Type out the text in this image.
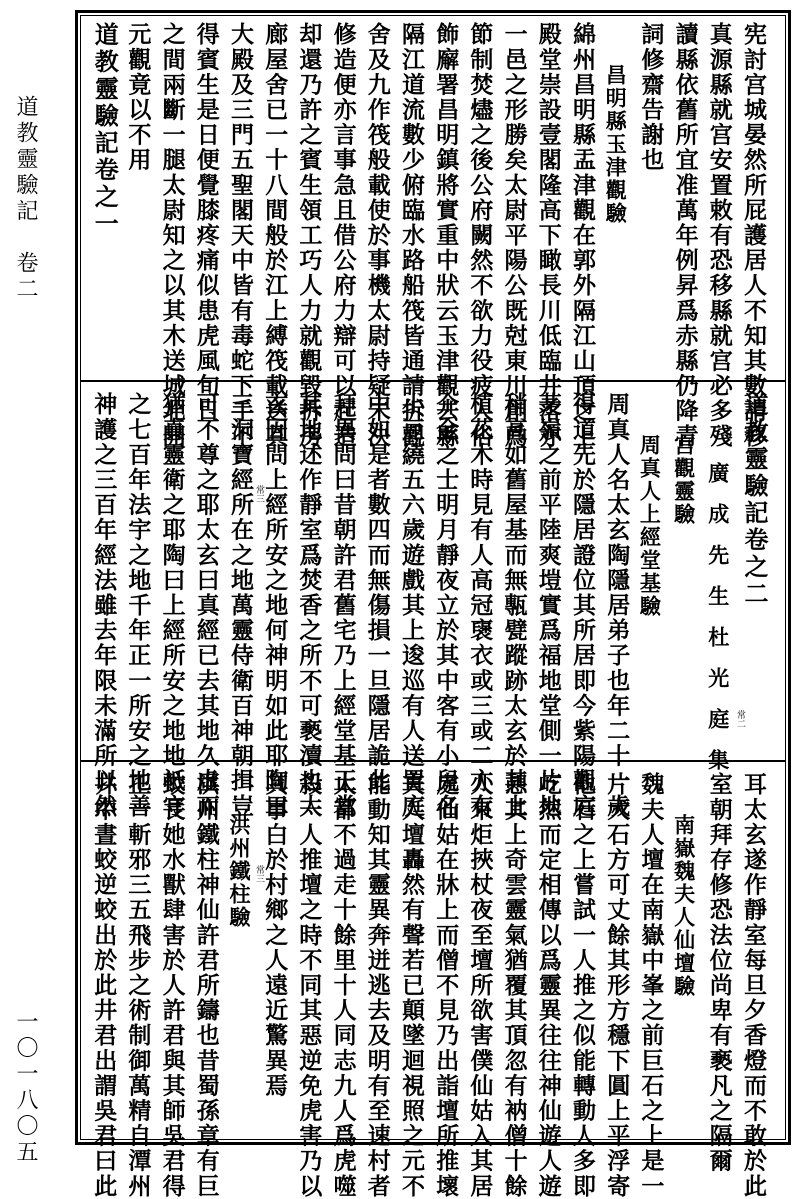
道教靈驗記　卷二
一〇一八〇五
常二
常三
常三
宪討宫城晏然所屁護居人不知其數請移
真源縣就宫安置敕有恐移縣就宫必多殘
讀縣依舊所宜准萬年例昇爲赤縣仍降青
詞修齋告謝也
昌明縣玉津觀驗
綿州昌明縣盂津觀在郭外隔江山頂之上
殿堂崇設壹閣隆高下瞰長川低臨井落亦
一邑之形勝矣太尉平陽公既尅東川創爲
節制焚燼之後公府闕然不欲力役疲人俗
飾廨署昌明鎮將實重中狀云玉津觀去縣
隔江道流數少俯臨水路船筏皆通請拆觀
舍及九作筏般載使於事機太尉持疑未決
修造便亦言事急且借公府力辯可以起造
却還乃許之賓生領工巧人力就觀毀拆房
廊屋舍已一十八間般於江上縛筏載送其
大殿及三門五聖閣天中皆有毒蛇下手不
得賓生是日便覺膝疼痛似患虎風旬日
之間兩斷一腿太尉知之以其木送城北開
元觀竟以不用
道教靈驗記卷之一
道教靈驗記卷之二
廣成先生杜光庭集
宫觀靈驗
周真人上經堂基驗
周真人名太玄陶隱居弟子也年二十一歲
得道先於隱居證位其所居即今紫陽觀庭
茅嶺之前平陸爽塏實爲福地堂側一片地
稍高如舊屋基而無甎甓蹤跡太玄於其上
植花木時見有人高冠襃衣或三或二亦有
介金之士明月靜夜立於其中客有小兒名
小豆繞五六歲遊戲其上逡巡有人送置庭
中如是者數四而無傷損一旦隱居詭此
拜異問曰昔朝許君舊宅乃上經堂基正當
其地述作靜室爲焚香之所不可褻瀆也太
玄因問上經所安之地何神明如此耶陶曰
三洞寶經所在之地萬靈侍衛百神朝揖豈
可不尊之耶太玄曰真經已去其地久虛而
猶真靈衛之耶陶曰上經所安之地地祇守
之七百年法宇之地千年正一所安之地善
神護之三百年經法雖去年限未滿所以然
耳太玄遂作靜室每旦夕香燈而不敢於此
室朝拜存修恐法位尚卑有褻凡之隔爾
南嶽魏夫人仙壇驗
魏夫人壇在南嶽中峯之前巨石之上是一
片大石方可丈餘其形方穩下圓上平浮寄
他石之上嘗試一人推之似能轉動人多即
屹然而定相傳以爲靈異往往神仙遊人遊
憩其上奇雲靈氣猶覆其頂忽有衲僧十餘
人來炬挾杖夜至壇所欲害僕仙姑入其居
處仙姑在牀上而僧不見乃出詣壇所推壞
夫人壇轟然有聲若已顛墜迴視照之元不
能動知其靈異奔迸逃去及明有至速村者
太都不過走十餘里十人同志九人爲虎噬
殺一人推壇之時不同其惡逆免虎害乃以
其事白於村鄉之人遠近驚異焉
洪州鐵柱驗
洪州鐵柱神仙許君所鑄也昔蜀孫章有巨
蛟長她水獸肆害於人許君與其師吳君得
正一斬邪三五飛步之術制御萬精自潭州
井中晝蛟逆蛟出於此井君出謂吳君曰此
